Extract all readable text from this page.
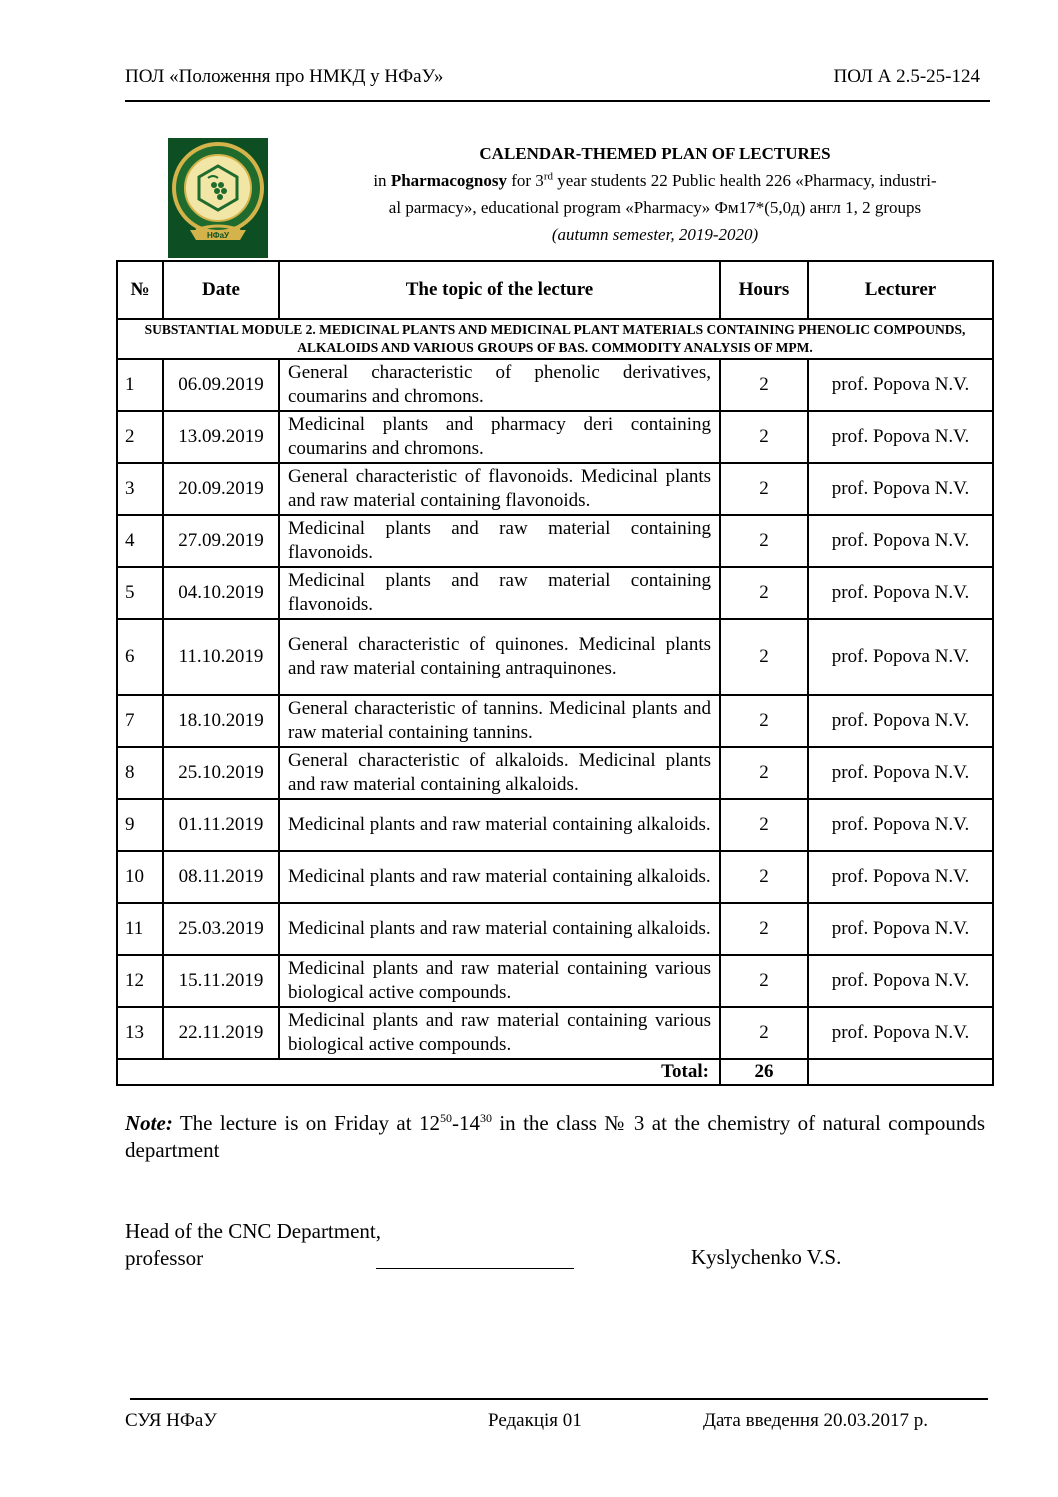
ПОЛ «Положення про НМКД у НФаУ»	ПОЛ А 2.5-25-124
НФаУ
CALENDAR-THEMED PLAN OF LECTURES
in Pharmacognosy for 3rd year students 22 Public health 226 «Pharmacy, industri-
al parmacy», educational program «Pharmacy» Фм17*(5,0д) англ 1, 2 groups
(autumn semester, 2019-2020)
№	Date	The topic of the lecture	Hours	Lecturer
SUBSTANTIAL MODULE 2. MEDICINAL PLANTS AND MEDICINAL PLANT MATERIALS CONTAINING PHENOLIC COMPOUNDS, ALKALOIDS AND VARIOUS GROUPS OF BAS. COMMODITY ANALYSIS OF MPM.				
1	06.09.2019	General characteristic of phenolic derivatives, coumarins and chromons.	2	prof. Popova N.V.
2	13.09.2019	Medicinal plants and pharmacy deri containing coumarins and chromons.	2	prof. Popova N.V.
3	20.09.2019	General characteristic of flavonoids. Medicinal plants and raw material containing flavonoids.	2	prof. Popova N.V.
4	27.09.2019	Medicinal plants and raw material containing flavonoids.	2	prof. Popova N.V.
5	04.10.2019	Medicinal plants and raw material containing flavonoids.	2	prof. Popova N.V.
6	11.10.2019	General characteristic of quinones. Medicinal plants and raw material containing antraquinones.	2	prof. Popova N.V.
7	18.10.2019	General characteristic of tannins. Medicinal plants and raw material containing tannins.	2	prof. Popova N.V.
8	25.10.2019	General characteristic of alkaloids. Medicinal plants and raw material containing alkaloids.	2	prof. Popova N.V.
9	01.11.2019	Medicinal plants and raw material containing alkaloids.	2	prof. Popova N.V.
10	08.11.2019	Medicinal plants and raw material containing alkaloids.	2	prof. Popova N.V.
11	25.03.2019	Medicinal plants and raw material containing alkaloids.	2	prof. Popova N.V.
12	15.11.2019	Medicinal plants and raw material containing various biological active compounds.	2	prof. Popova N.V.
13	22.11.2019	Medicinal plants and raw material containing various biological active compounds.	2	prof. Popova N.V.
Total:			26	
Note: The lecture is on Friday at $12^{50}-14^{30}$ in the class № 3 at the chemistry of natural compounds department
Head of the CNC Department,
professor	Kyslychenko V.S.
СУЯ НФаУ	Редакція 01	Дата введення 20.03.2017 р.
